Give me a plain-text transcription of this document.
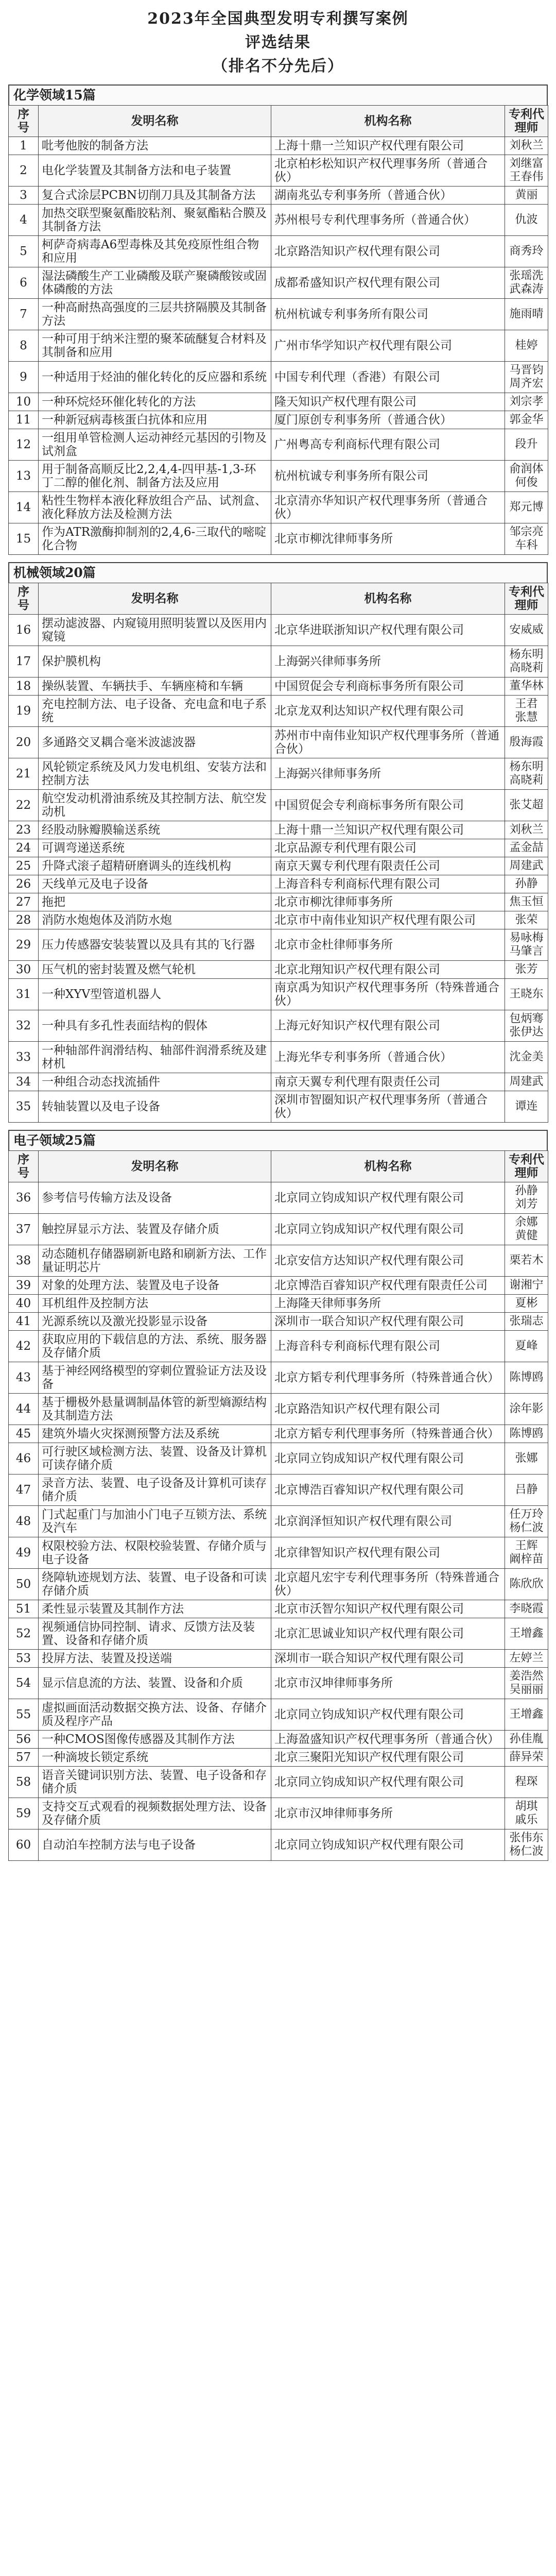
2023年全国典型发明专利撰写案例
评选结果
（排名不分先后）
化学领域15篇
序号	发明名称	机构名称	专利代理师
1	吡考他胺的制备方法	上海十鼎一兰知识产权代理有限公司	刘秋兰
2	电化学装置及其制备方法和电子装置	北京柏杉松知识产权代理事务所（普通合伙）	刘继富
王春伟
3	复合式涂层PCBN切削刀具及其制备方法	湖南兆弘专利事务所（普通合伙）	黄丽
4	加热交联型聚氨酯胶粘剂、聚氨酯粘合膜及其制备方法	苏州根号专利代理事务所（普通合伙）	仇波
5	柯萨奇病毒A6型毒株及其免疫原性组合物和应用	北京路浩知识产权代理有限公司	商秀玲
6	湿法磷酸生产工业磷酸及联产聚磷酸铵或固体磷酸的方法	成都希盛知识产权代理有限公司	张瑶洗
武森涛
7	一种高耐热高强度的三层共挤隔膜及其制备方法	杭州杭诚专利事务所有限公司	施雨晴
8	一种可用于纳米注塑的聚苯硫醚复合材料及其制备和应用	广州市华学知识产权代理有限公司	桂婷
9	一种适用于烃油的催化转化的反应器和系统	中国专利代理（香港）有限公司	马晋钧
周齐宏
10	一种环烷烃环催化转化的方法	隆天知识产权代理有限公司	刘宗孝
11	一种新冠病毒核蛋白抗体和应用	厦门原创专利事务所（普通合伙）	郭金华
12	一组用单管检测人运动神经元基因的引物及试剂盒	广州粤高专利商标代理有限公司	段升
13	用于制备高顺反比2,2,4,4-四甲基-1,3-环丁二醇的催化剂、制备方法及应用	杭州杭诚专利事务所有限公司	俞润体
何俊
14	粘性生物样本液化释放组合产品、试剂盒、液化释放方法及检测方法	北京清亦华知识产权代理事务所（普通合伙）	郑元博
15	作为ATR激酶抑制剂的2,4,6-三取代的嘧啶化合物	北京市柳沈律师事务所	邹宗亮
车科
机械领域20篇
序号	发明名称	机构名称	专利代理师
16	摆动滤波器、内窥镜用照明装置以及医用内窥镜	北京华进联浙知识产权代理有限公司	安威威
17	保护膜机构	上海弼兴律师事务所	杨东明
高晓莉
18	操纵装置、车辆扶手、车辆座椅和车辆	中国贸促会专利商标事务所有限公司	董华林
19	充电控制方法、电子设备、充电盒和电子系统	北京龙双利达知识产权代理有限公司	王君 张慧
20	多通路交叉耦合毫米波滤波器	苏州市中南伟业知识产权代理事务所（普通合伙）	殷海霞
21	风轮锁定系统及风力发电机组、安装方法和控制方法	上海弼兴律师事务所	杨东明
高晓莉
22	航空发动机滑油系统及其控制方法、航空发动机	中国贸促会专利商标事务所有限公司	张艾超
23	经股动脉瓣膜输送系统	上海十鼎一兰知识产权代理有限公司	刘秋兰
24	可调弯递送系统	北京品源专利代理有限公司	孟金喆
25	升降式滚子超精研磨调头的连线机构	南京天翼专利代理有限责任公司	周建武
26	天线单元及电子设备	上海音科专利商标代理有限公司	孙静
27	拖把	北京市柳沈律师事务所	焦玉恒
28	消防水炮炮体及消防水炮	北京市中南伟业知识产权代理有限公司	张荣
29	压力传感器安装装置以及具有其的飞行器	北京市金杜律师事务所	易咏梅
马肇言
30	压气机的密封装置及燃气轮机	北京北翔知识产权代理有限公司	张芳
31	一种XYV型管道机器人	南京禹为知识产权代理事务所（特殊普通合伙）	王晓东
32	一种具有多孔性表面结构的假体	上海元好知识产权代理有限公司	包炳骞
张伊达
33	一种轴部件润滑结构、轴部件润滑系统及建材机	上海光华专利事务所（普通合伙）	沈金美
34	一种组合动态找流插件	南京天翼专利代理有限责任公司	周建武
35	转轴装置以及电子设备	深圳市智圈知识产权代理事务所（普通合伙）	谭连
电子领域25篇
序号	发明名称	机构名称	专利代理师
36	参考信号传输方法及设备	北京同立钧成知识产权代理有限公司	孙静
刘芳
37	触控屏显示方法、装置及存储介质	北京同立钧成知识产权代理有限公司	余娜
黄健
38	动态随机存储器刷新电路和刷新方法、工作量证明芯片	北京安信方达知识产权代理有限公司	栗若木
39	对象的处理方法、装置及电子设备	北京博浩百睿知识产权代理有限责任公司	谢湘宁
40	耳机组件及控制方法	上海隆天律师事务所	夏彬
41	光源系统以及激光投影显示设备	深圳市一联合知识产权代理有限公司	张瑞志
42	获取应用的下载信息的方法、系统、服务器及存储介质	上海音科专利商标代理有限公司	夏峰
43	基于神经网络模型的穿刺位置验证方法及设备	北京方韬专利代理事务所（特殊普通合伙）	陈博鸥
44	基于栅极外悬量调制晶体管的新型熵源结构及其制造方法	北京路浩知识产权代理有限公司	涂年影
45	建筑外墙火灾探测预警方法及系统	北京方韬专利代理事务所（特殊普通合伙）	陈博鸥
46	可行驶区域检测方法、装置、设备及计算机可读存储介质	北京同立钧成知识产权代理有限公司	张娜
47	录音方法、装置、电子设备及计算机可读存储介质	北京博浩百睿知识产权代理有限公司	吕静
48	门式起重门与加油小门电子互锁方法、系统及汽车	北京润泽恒知识产权代理有限公司	任万玲
杨仁波
49	权限校验方法、权限校验装置、存储介质与电子设备	北京律智知识产权代理有限公司	王辉
阚梓苗
50	绕障轨迹规划方法、装置、电子设备和可读存储介质	北京超凡宏宇专利代理事务所（特殊普通合伙）	陈欣欣
51	柔性显示装置及其制作方法	北京市沃智尔知识产权代理有限公司	李晓霞
52	视频通信协同控制、请求、反馈方法及装置、设备和存储介质	北京汇思诚业知识产权代理有限公司	王增鑫
53	投屏方法、装置及投送端	深圳市一联合知识产权代理有限公司	左婷兰
54	显示信息流的方法、装置、设备和介质	北京市汉坤律师事务所	姜浩然
吴丽丽
55	虚拟画面活动数据交换方法、设备、存储介质及程序产品	北京同立钧成知识产权代理有限公司	王增鑫
56	一种CMOS图像传感器及其制作方法	上海盈盛知识产权代理事务所（普通合伙）	孙佳胤
57	一种滴坡长锁定系统	北京三聚阳光知识产权代理有限公司	薛异荣
58	语音关键词识别方法、装置、电子设备和存储介质	北京同立钧成知识产权代理有限公司	程琛
59	支持交互式观看的视频数据处理方法、设备及存储介质	北京市汉坤律师事务所	胡琪
戚乐
60	自动泊车控制方法与电子设备	北京同立钧成知识产权代理有限公司	张伟东
杨仁波
